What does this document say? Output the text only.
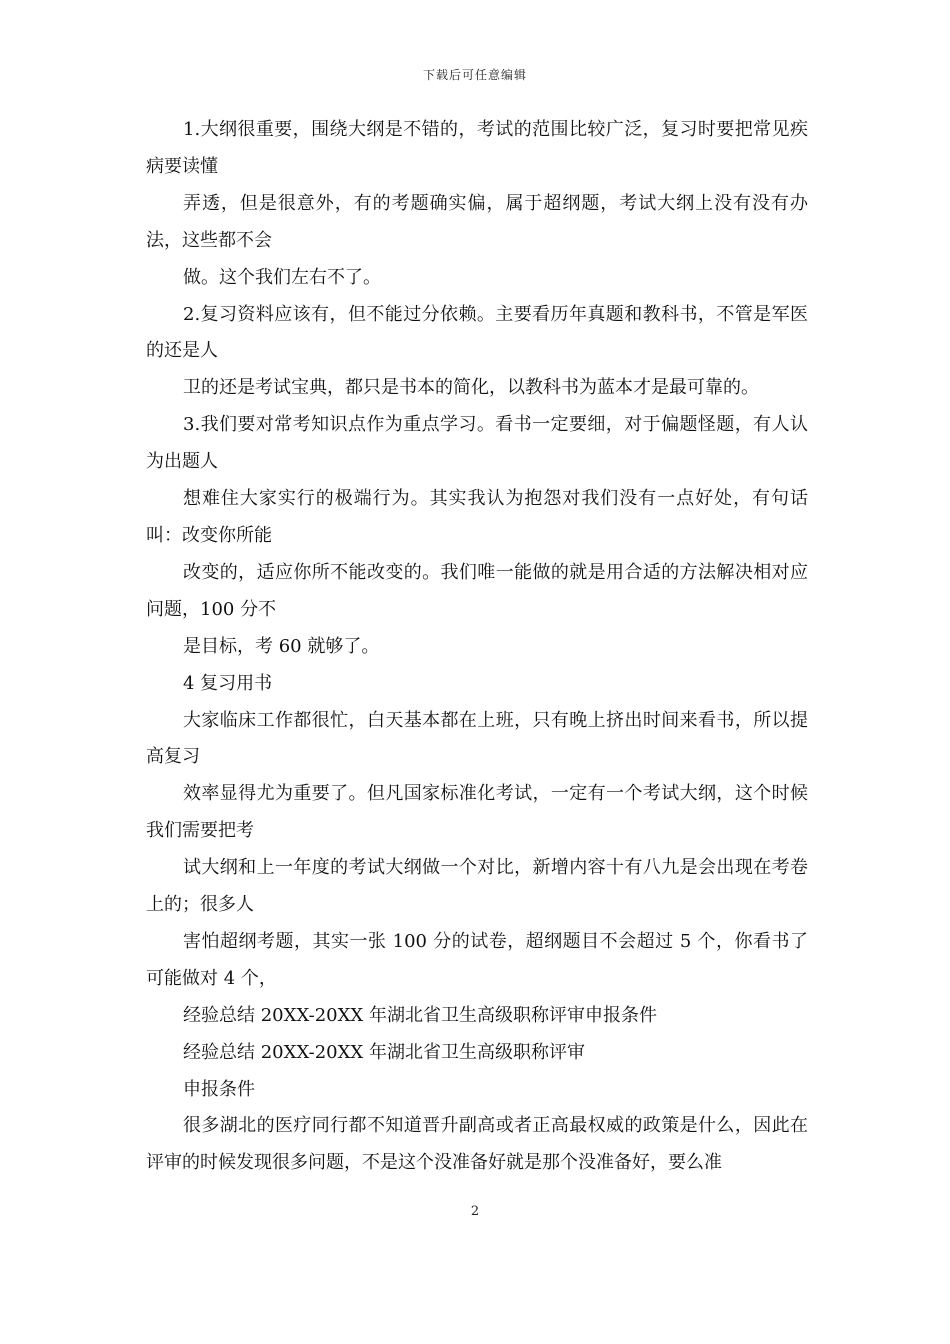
下载后可任意编辑

1.大纲很重要，围绕大纲是不错的，考试的范围比较广泛，复习时要把常见疾病要读懂

弄透，但是很意外，有的考题确实偏，属于超纲题，考试大纲上没有没有办法，这些都不会

做。这个我们左右不了。

2.复习资料应该有，但不能过分依赖。主要看历年真题和教科书，不管是军医的还是人

卫的还是考试宝典，都只是书本的简化，以教科书为蓝本才是最可靠的。

3.我们要对常考知识点作为重点学习。看书一定要细，对于偏题怪题，有人认为出题人

想难住大家实行的极端行为。其实我认为抱怨对我们没有一点好处，有句话叫：改变你所能

改变的，适应你所不能改变的。我们唯一能做的就是用合适的方法解决相对应问题，100 分不

是目标，考 60 就够了。

4 复习用书

大家临床工作都很忙，白天基本都在上班，只有晚上挤出时间来看书，所以提高复习

效率显得尤为重要了。但凡国家标准化考试，一定有一个考试大纲，这个时候我们需要把考

试大纲和上一年度的考试大纲做一个对比，新增内容十有八九是会出现在考卷上的；很多人

害怕超纲考题，其实一张 100 分的试卷，超纲题目不会超过 5 个，你看书了可能做对 4 个，

经验总结 20XX-20XX 年湖北省卫生高级职称评审申报条件

经验总结 20XX-20XX 年湖北省卫生高级职称评审

申报条件

很多湖北的医疗同行都不知道晋升副高或者正高最权威的政策是什么，因此在评审的时候发现很多问题，不是这个没准备好就是那个没准备好，要么准

2
